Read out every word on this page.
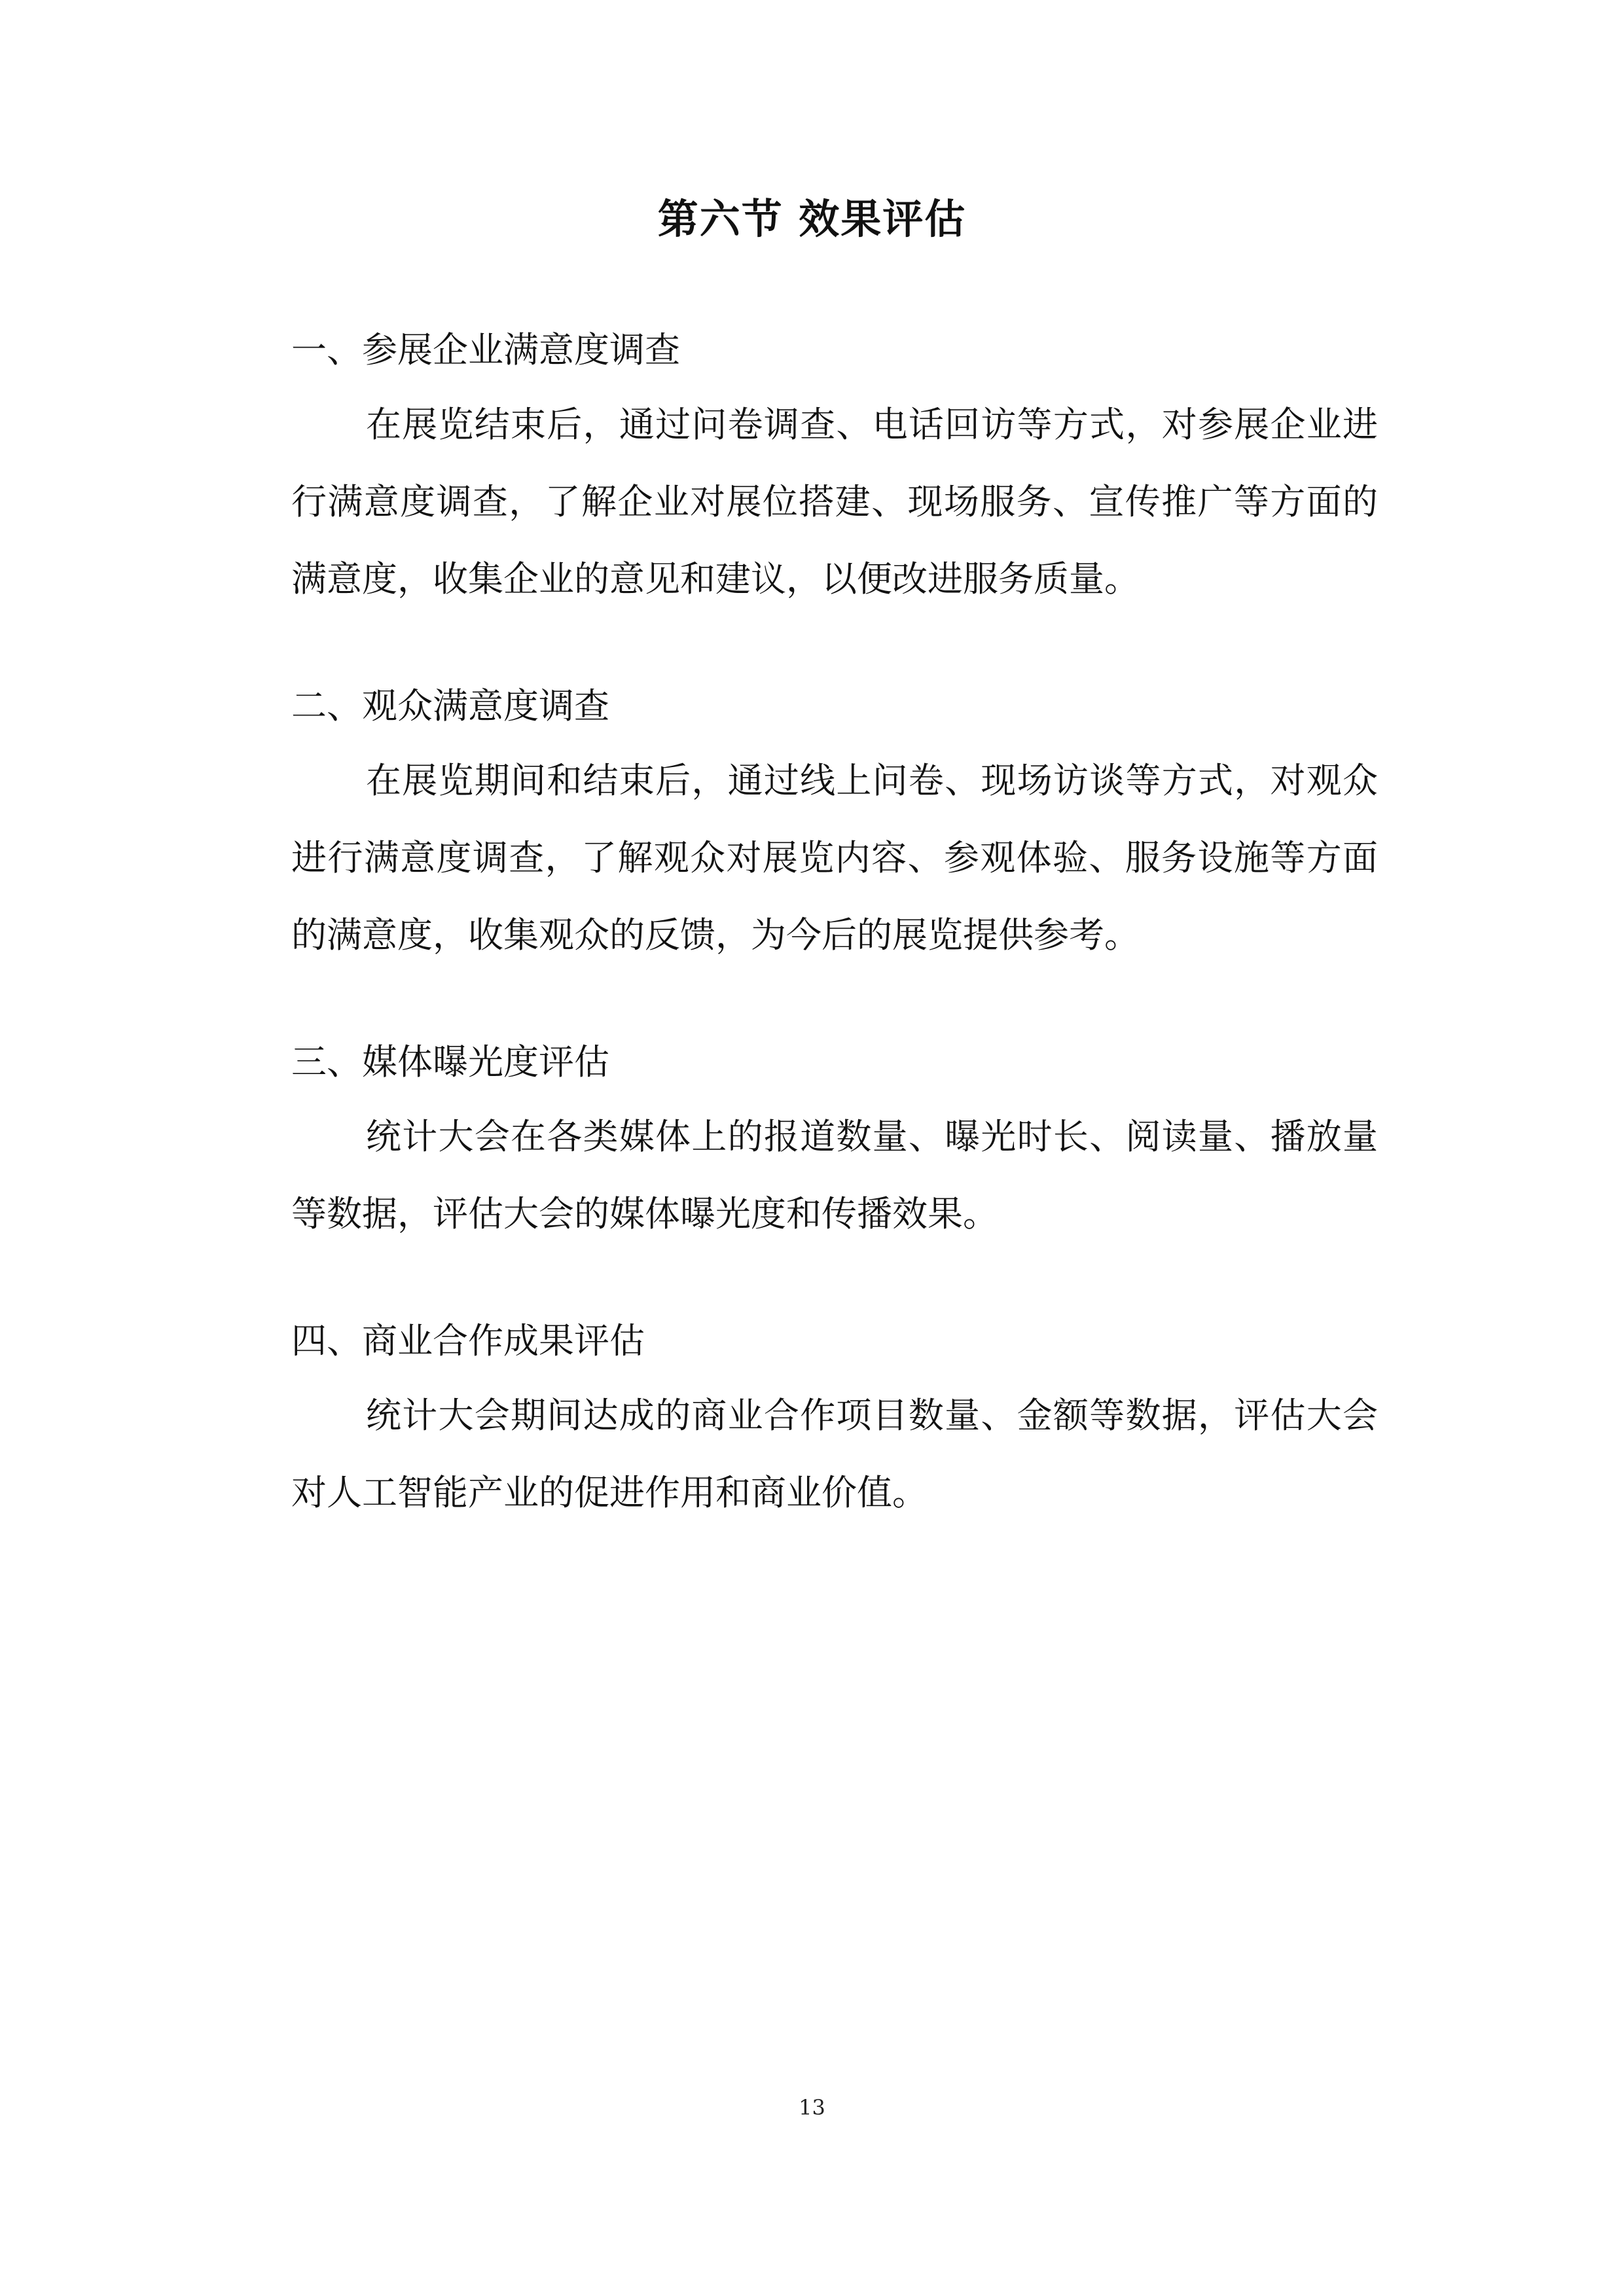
第六节 效果评估

一、参展企业满意度调查

在展览结束后，通过问卷调查、电话回访等方式，对参展企业进行满意度调查，了解企业对展位搭建、现场服务、宣传推广等方面的满意度，收集企业的意见和建议，以便改进服务质量。

二、观众满意度调查

在展览期间和结束后，通过线上问卷、现场访谈等方式，对观众进行满意度调查，了解观众对展览内容、参观体验、服务设施等方面的满意度，收集观众的反馈，为今后的展览提供参考。

三、媒体曝光度评估

统计大会在各类媒体上的报道数量、曝光时长、阅读量、播放量等数据，评估大会的媒体曝光度和传播效果。

四、商业合作成果评估

统计大会期间达成的商业合作项目数量、金额等数据，评估大会对人工智能产业的促进作用和商业价值。

13
